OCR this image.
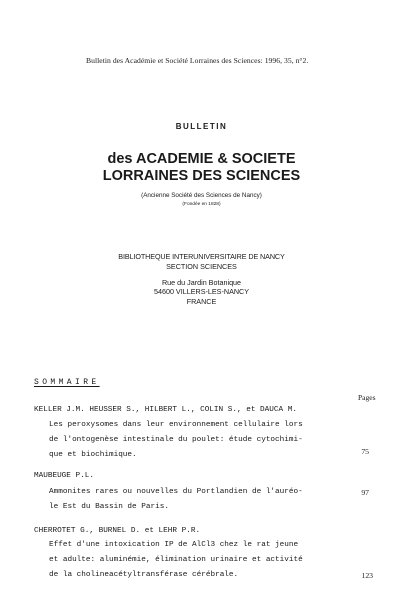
Bulletin des Académie et Société Lorraines des Sciences: 1996, 35, n°2.
BULLETIN
des ACADEMIE & SOCIETE
LORRAINES DES SCIENCES
(Ancienne Société des Sciences de Nancy)
(Fondée en 1828)
BIBLIOTHEQUE INTERUNIVERSITAIRE DE NANCY
SECTION SCIENCES
Rue du Jardin Botanique
54600 VILLERS-LES-NANCY
FRANCE
SOMMAIRE
Pages
KELLER J.M. HEUSSER S., HILBERT L., COLIN S., et DAUCA M.
Les peroxysomes dans leur environnement cellulaire lors
de l'ontogenèse intestinale du poulet: étude cytochimi-
que et biochimique.	75
MAUBEUGE P.L.
Ammonites rares ou nouvelles du Portlandien de l'auréo-
le Est du Bassin de Paris.
97
CHERROTET G., BURNEL D. et LEHR P.R.
Effet d'une intoxication IP de AlCl3 chez le rat jeune
et adulte: aluminémie, élimination urinaire et activité
de la cholineacétyltransférase cérébrale.	123
